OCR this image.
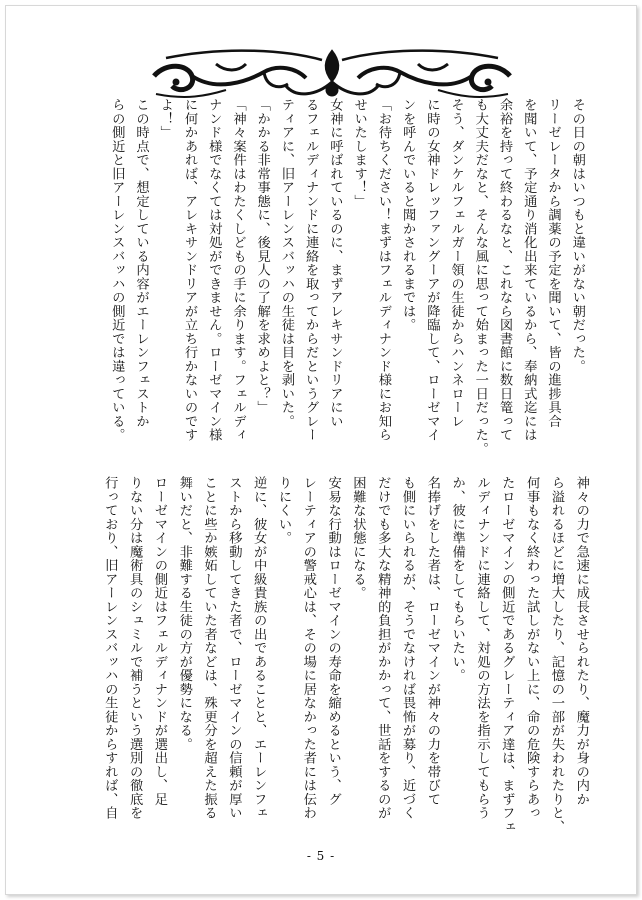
その日の朝はいつもと違いがない朝だった。
リーゼレータから調薬の予定を聞いて、皆の進捗具合
を聞いて、予定通り消化出来ているから、奉納式迄には
余裕を持って終わるなと、これなら図書館に数日篭って
も大丈夫だなと、そんな風に思って始まった一日だった。
そう、ダンケルフェルガー領の生徒からハンネローレ
に時の女神ドレッファングーアが降臨して、ローゼマイ
ンを呼んでいると聞かされるまでは。
「お待ちください！まずはフェルディナンド様にお知ら
せいたします！」
女神に呼ばれているのに、まずアレキサンドリアにい
るフェルディナンドに連絡を取ってからだというグレー
ティアに、旧アーレンスバッハの生徒は目を剥いた。
「かかる非常事態に、後見人の了解を求めよと？」
「神々案件はわたくしどもの手に余ります。フェルディ
ナンド様でなくては対処ができません。ローゼマイン様
に何かあれば、アレキサンドリアが立ち行かないのです
よ！」
この時点で、想定している内容がエーレンフェストか
らの側近と旧アーレンスバッハの側近では違っている。
神々の力で急速に成長させられたり、魔力が身の内か
ら溢れるほどに増大したり、記憶の一部が失われたりと、
何事もなく終わった試しがない上に、命の危険すらあっ
たローゼマインの側近であるグレーティア達は、まずフェ
ルディナンドに連絡して、対処の方法を指示してもらう
か、彼に準備をしてもらいたい。
名捧げをした者は、ローゼマインが神々の力を帯びて
も側にいられるが、そうでなければ畏怖が募り、近づく
だけでも多大な精神的負担がかかって、世話をするのが
困難な状態になる。
安易な行動はローゼマインの寿命を縮めるという、グ
レーティアの警戒心は、その場に居なかった者には伝わ
りにくい。
逆に、彼女が中級貴族の出であることと、エーレンフェ
ストから移動してきた者で、ローゼマインの信頼が厚い
ことに些か嫉妬していた者などは、殊更分を超えた振る
舞いだと、非難する生徒の方が優勢になる。
ローゼマインの側近はフェルディナンドが選出し、足
りない分は魔術具のシュミルで補うという選別の徹底を
行っており、旧アーレンスバッハの生徒からすれば、自
- 5 -
